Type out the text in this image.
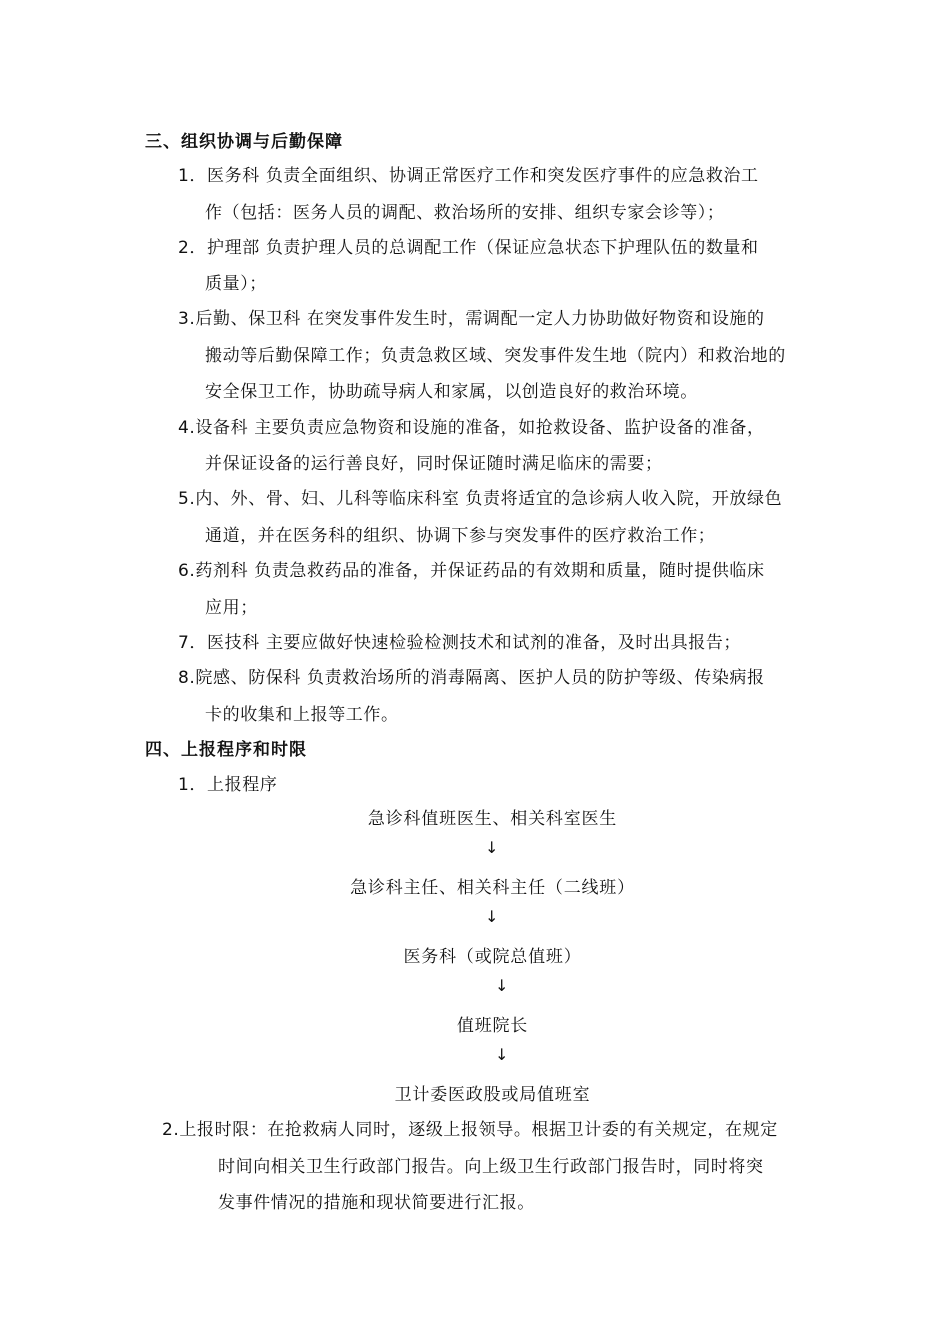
三、组织协调与后勤保障
1．医务科 负责全面组织、协调正常医疗工作和突发医疗事件的应急救治工
作（包括：医务人员的调配、救治场所的安排、组织专家会诊等）；
2．护理部 负责护理人员的总调配工作（保证应急状态下护理队伍的数量和
质量）；
3.后勤、保卫科 在突发事件发生时，需调配一定人力协助做好物资和设施的
搬动等后勤保障工作；负责急救区域、突发事件发生地（院内）和救治地的
安全保卫工作，协助疏导病人和家属，以创造良好的救治环境。
4.设备科 主要负责应急物资和设施的准备，如抢救设备、监护设备的准备，
并保证设备的运行善良好，同时保证随时满足临床的需要；
5.内、外、骨、妇、儿科等临床科室 负责将适宜的急诊病人收入院，开放绿色
通道，并在医务科的组织、协调下参与突发事件的医疗救治工作；
6.药剂科 负责急救药品的准备，并保证药品的有效期和质量，随时提供临床
应用；
7．医技科 主要应做好快速检验检测技术和试剂的准备，及时出具报告；
8.院感、防保科 负责救治场所的消毒隔离、医护人员的防护等级、传染病报
卡的收集和上报等工作。
四、上报程序和时限
1．上报程序
急诊科值班医生、相关科室医生
↓
急诊科主任、相关科主任（二线班）
↓
医务科（或院总值班）
↓
值班院长
↓
卫计委医政股或局值班室
2.上报时限：在抢救病人同时，逐级上报领导。根据卫计委的有关规定，在规定
时间向相关卫生行政部门报告。向上级卫生行政部门报告时，同时将突
发事件情况的措施和现状简要进行汇报。
